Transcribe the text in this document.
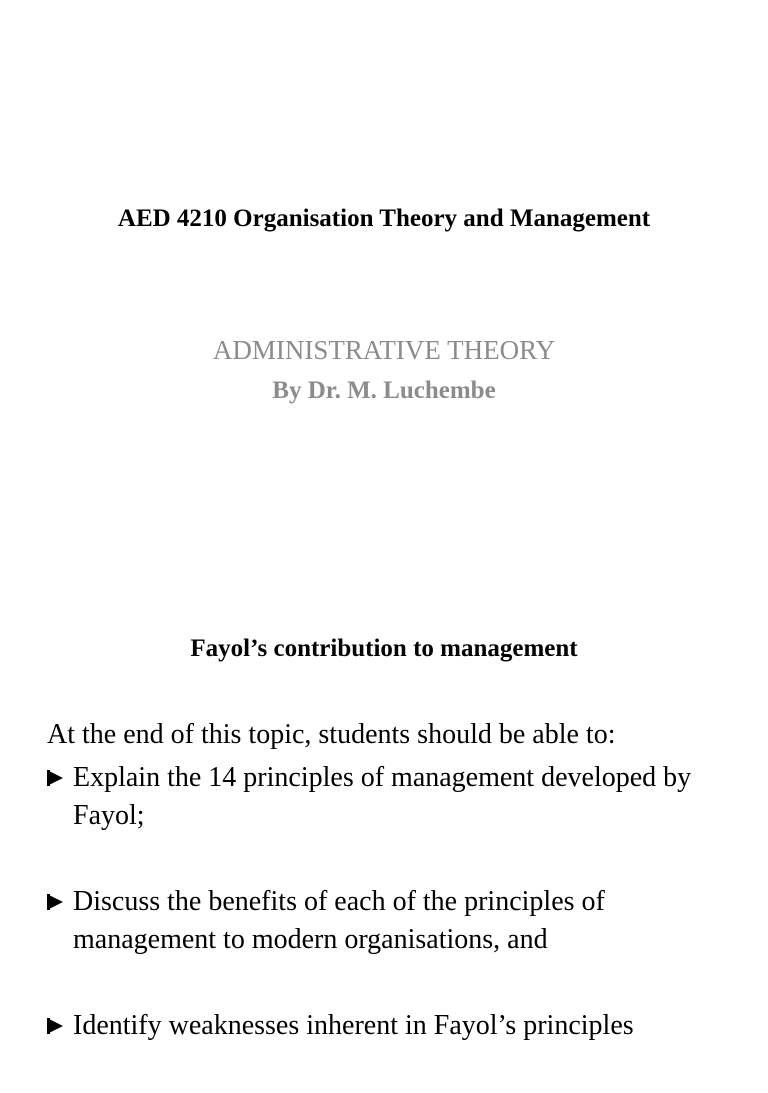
AED 4210 Organisation Theory and Management
ADMINISTRATIVE THEORY
By Dr. M. Luchembe
Fayol’s contribution to management
At the end of this topic, students should be able to:
Explain the 14 principles of management developed by Fayol;
Discuss the benefits of each of the principles of management to modern organisations, and
Identify weaknesses inherent in Fayol’s principles
